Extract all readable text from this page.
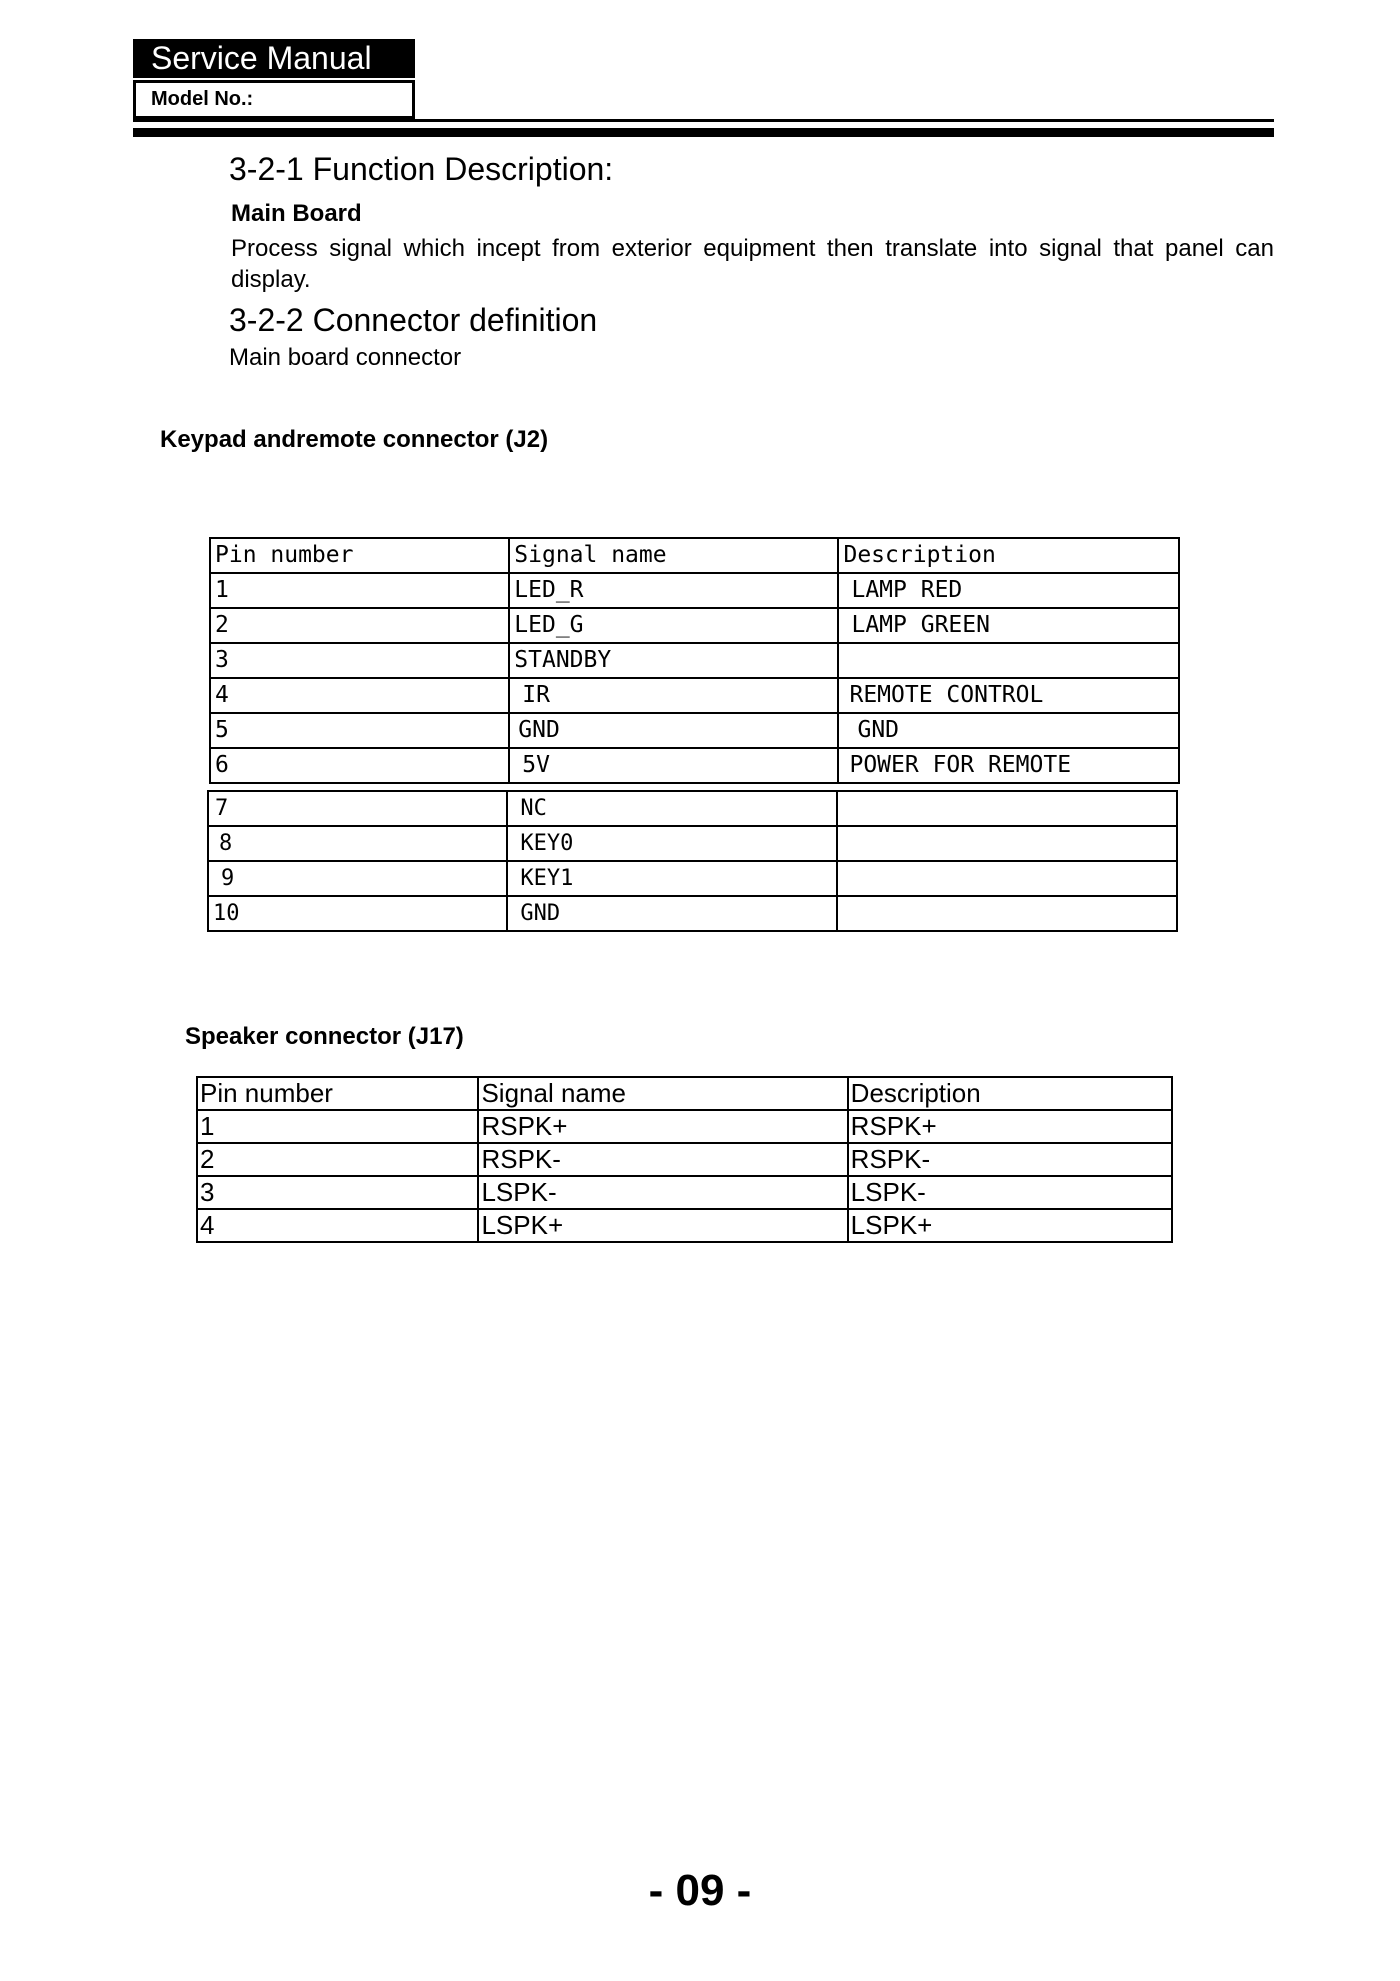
Service Manual
Model No.:
3-2-1 Function Description:
Main Board
Process signal which incept from exterior equipment then translate into signal that panel can display.
3-2-2 Connector definition
Main board connector
Keypad andremote connector (J2)
Pin number	Signal name	Description
1	LED_R	LAMP RED
2	LED_G	LAMP GREEN
3	STANDBY	
4	IR	REMOTE CONTROL
5	GND	GND
6	5V	POWER FOR REMOTE
7	NC	
8	KEY0	
9	KEY1	
10	GND	
Speaker connector (J17)
Pin number	Signal name	Description
1	RSPK+	RSPK+
2	RSPK-	RSPK-
3	LSPK-	LSPK-
4	LSPK+	LSPK+
- 09 -
